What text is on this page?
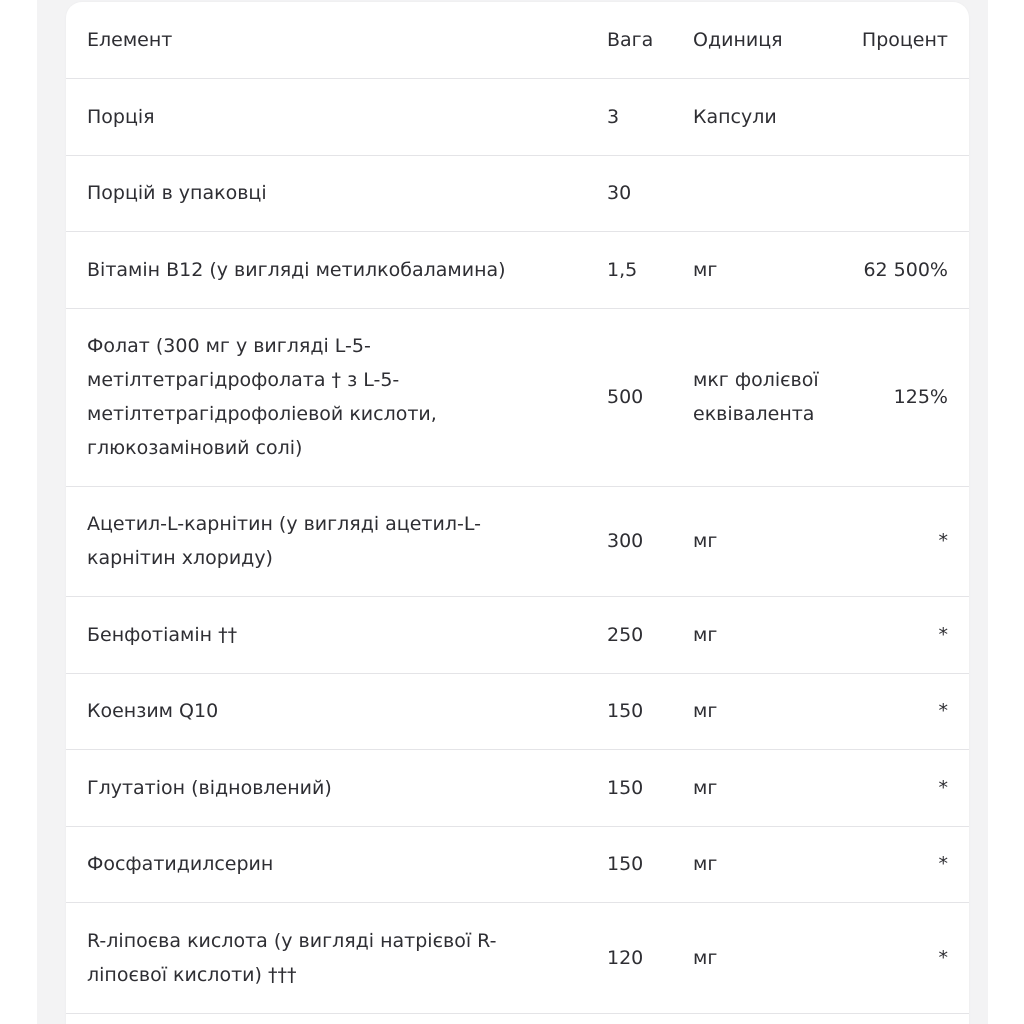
Елемент	Вага	Одиниця	Процент
Порція	3	Капсули	
Порцій в упаковці	30		
Вітамін B12 (у вигляді метилкобаламина)	1,5	мг	62 500%
Фолат (300 мг у вигляді L-5-метілтетрагідрофолата † з L-5-метілтетрагідрофоліевой кислоти, глюкозаміновий солі)	500	мкг фолієвої еквівалента	125%
Ацетил-L-карнітин (у вигляді ацетил-L-карнітин хлориду)	300	мг	*
Бенфотіамін ††	250	мг	*
Коензим Q10	150	мг	*
Глутатіон (відновлений)	150	мг	*
Фосфатидилсерин	150	мг	*
R-ліпоєва кислота (у вигляді натрієвої R-ліпоєвої кислоти) †††	120	мг	*
